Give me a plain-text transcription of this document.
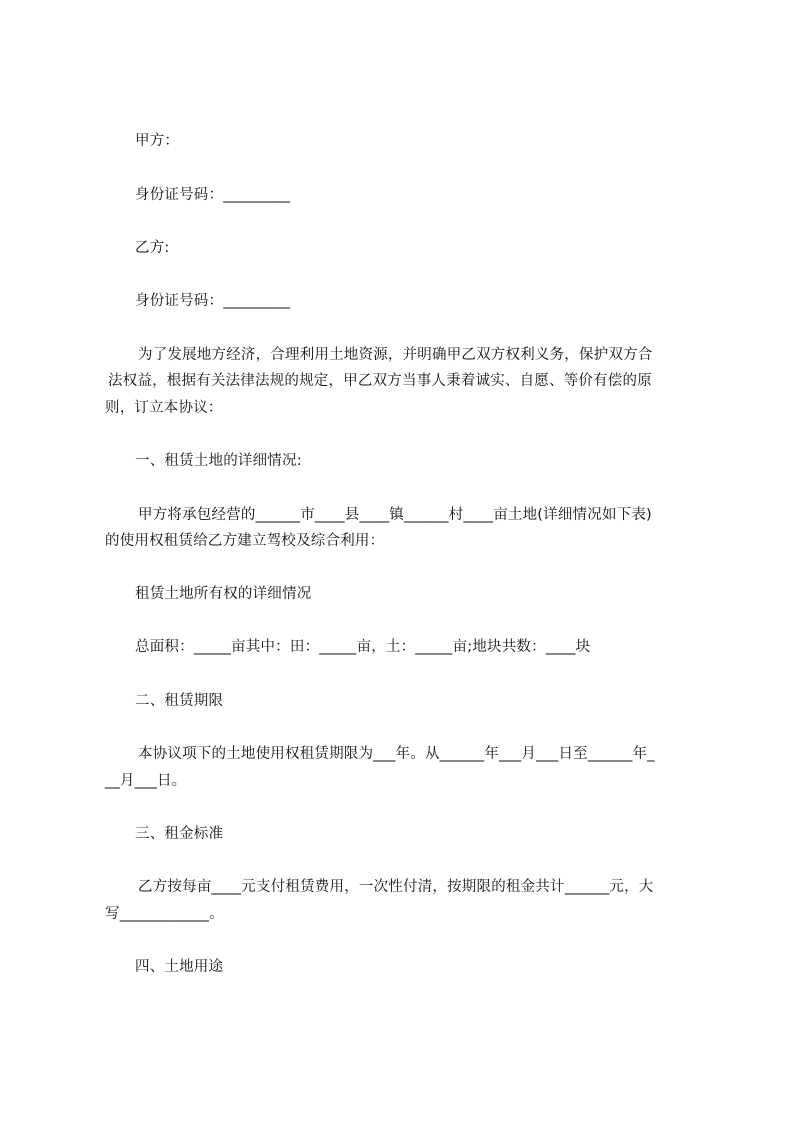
甲方：
身份证号码：_________
乙方:
身份证号码：_________
为了发展地方经济，合理利用土地资源，并明确甲乙双方权利义务，保护双方合
法权益，根据有关法律法规的规定，甲乙双方当事人秉着诚实、自愿、等价有偿的原
则，订立本协议：
一、租赁土地的详细情况:
甲方将承包经营的______市____县____镇______村____亩土地(详细情况如下表)
的使用权租赁给乙方建立驾校及综合利用：
租赁土地所有权的详细情况
总面积：_____亩其中：田：_____亩，土：_____亩;地块共数：____块
二、租赁期限
本协议项下的土地使用权租赁期限为___年。从______年___月___日至______年_
__月___日。
三、租金标准
乙方按每亩____元支付租赁费用，一次性付清，按期限的租金共计______元，大
写____________。
四、土地用途
